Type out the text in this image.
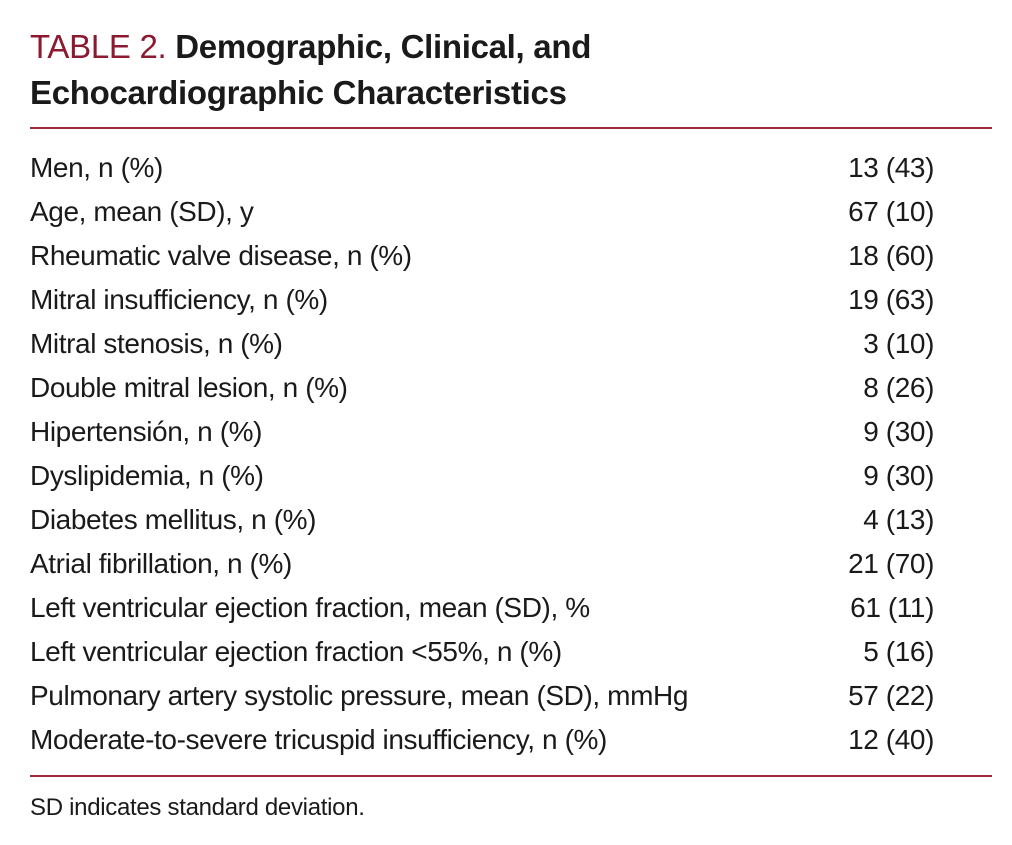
TABLE 2. Demographic, Clinical, and
Echocardiographic Characteristics
Men, n (%)	13 (43)
Age, mean (SD), y	67 (10)
Rheumatic valve disease, n (%)	18 (60)
Mitral insufficiency, n (%)	19 (63)
Mitral stenosis, n (%)	3 (10)
Double mitral lesion, n (%)	8 (26)
Hipertensión, n (%)	9 (30)
Dyslipidemia, n (%)	9 (30)
Diabetes mellitus, n (%)	4 (13)
Atrial fibrillation, n (%)	21 (70)
Left ventricular ejection fraction, mean (SD), %	61 (11)
Left ventricular ejection fraction <55%, n (%)	5 (16)
Pulmonary artery systolic pressure, mean (SD), mmHg	57 (22)
Moderate-to-severe tricuspid insufficiency, n (%)	12 (40)
SD indicates standard deviation.
